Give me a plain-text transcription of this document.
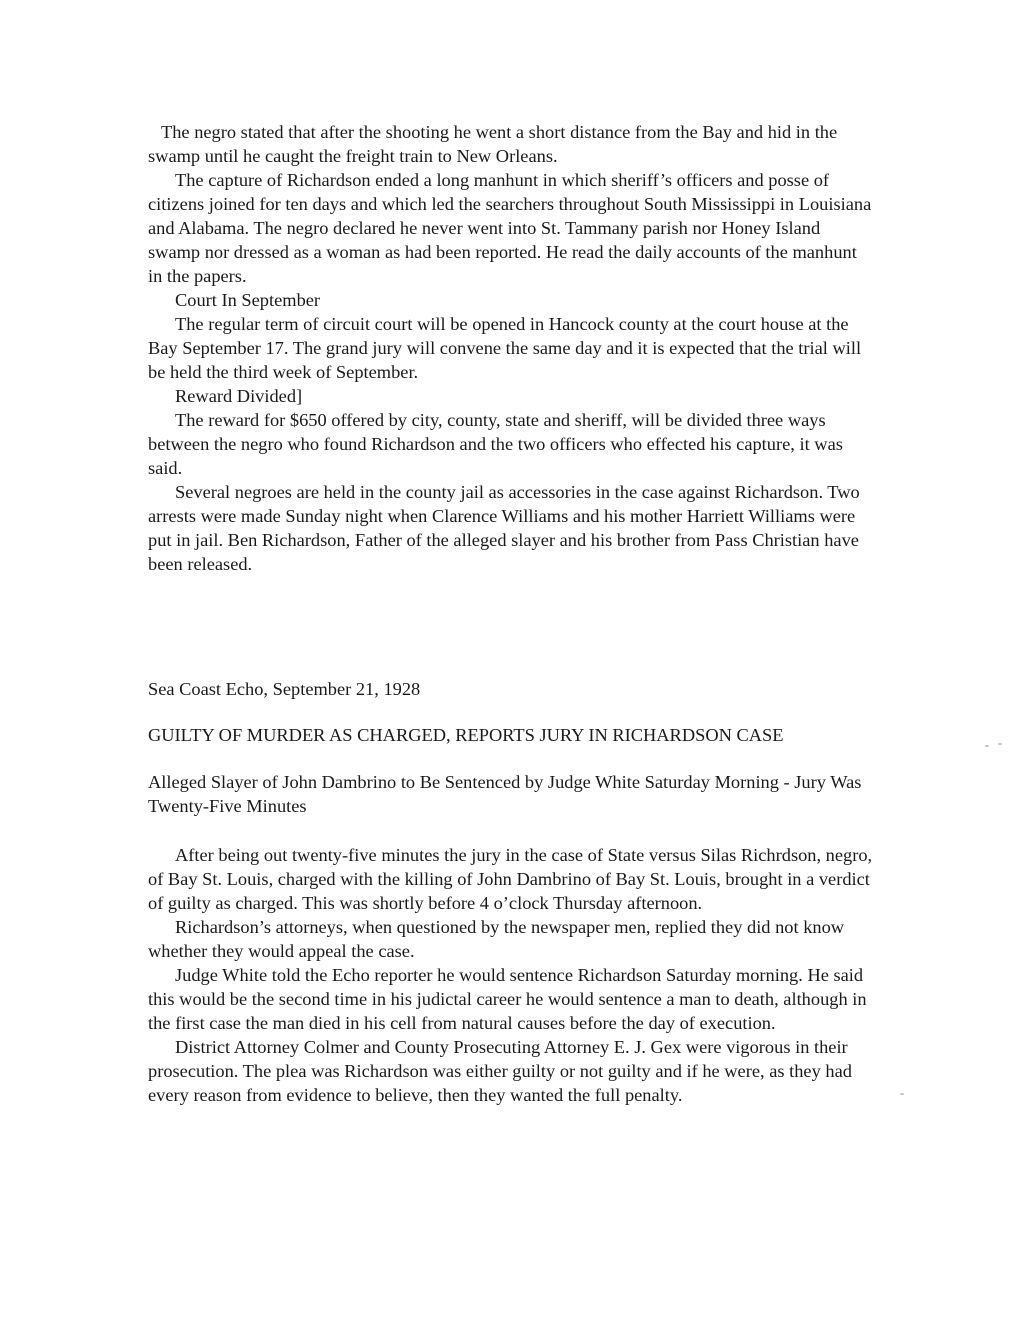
The negro stated that after the shooting he went a short distance from the Bay and hid in the swamp until he caught the freight train to New Orleans.

The capture of Richardson ended a long manhunt in which sheriff’s officers and posse of citizens joined for ten days and which led the searchers throughout South Mississippi in Louisiana and Alabama. The negro declared he never went into St. Tammany parish nor Honey Island swamp nor dressed as a woman as had been reported. He read the daily accounts of the manhunt in the papers.

Court In September

The regular term of circuit court will be opened in Hancock county at the court house at the Bay September 17. The grand jury will convene the same day and it is expected that the trial will be held the third week of September.

Reward Divided]

The reward for $650 offered by city, county, state and sheriff, will be divided three ways between the negro who found Richardson and the two officers who effected his capture, it was said.

Several negroes are held in the county jail as accessories in the case against Richardson. Two arrests were made Sunday night when Clarence Williams and his mother Harriett Williams were put in jail. Ben Richardson, Father of the alleged slayer and his brother from Pass Christian have been released.

Sea Coast Echo, September 21, 1928

GUILTY OF MURDER AS CHARGED, REPORTS JURY IN RICHARDSON CASE

Alleged Slayer of John Dambrino to Be Sentenced by Judge White Saturday Morning - Jury Was Twenty-Five Minutes

After being out twenty-five minutes the jury in the case of State versus Silas Richrdson, negro, of Bay St. Louis, charged with the killing of John Dambrino of Bay St. Louis, brought in a verdict of guilty as charged. This was shortly before 4 o’clock Thursday afternoon.

Richardson’s attorneys, when questioned by the newspaper men, replied they did not know whether they would appeal the case.

Judge White told the Echo reporter he would sentence Richardson Saturday morning. He said this would be the second time in his judictal career he would sentence a man to death, although in the first case the man died in his cell from natural causes before the day of execution.

District Attorney Colmer and County Prosecuting Attorney E. J. Gex were vigorous in their prosecution. The plea was Richardson was either guilty or not guilty and if he were, as they had every reason from evidence to believe, then they wanted the full penalty.
